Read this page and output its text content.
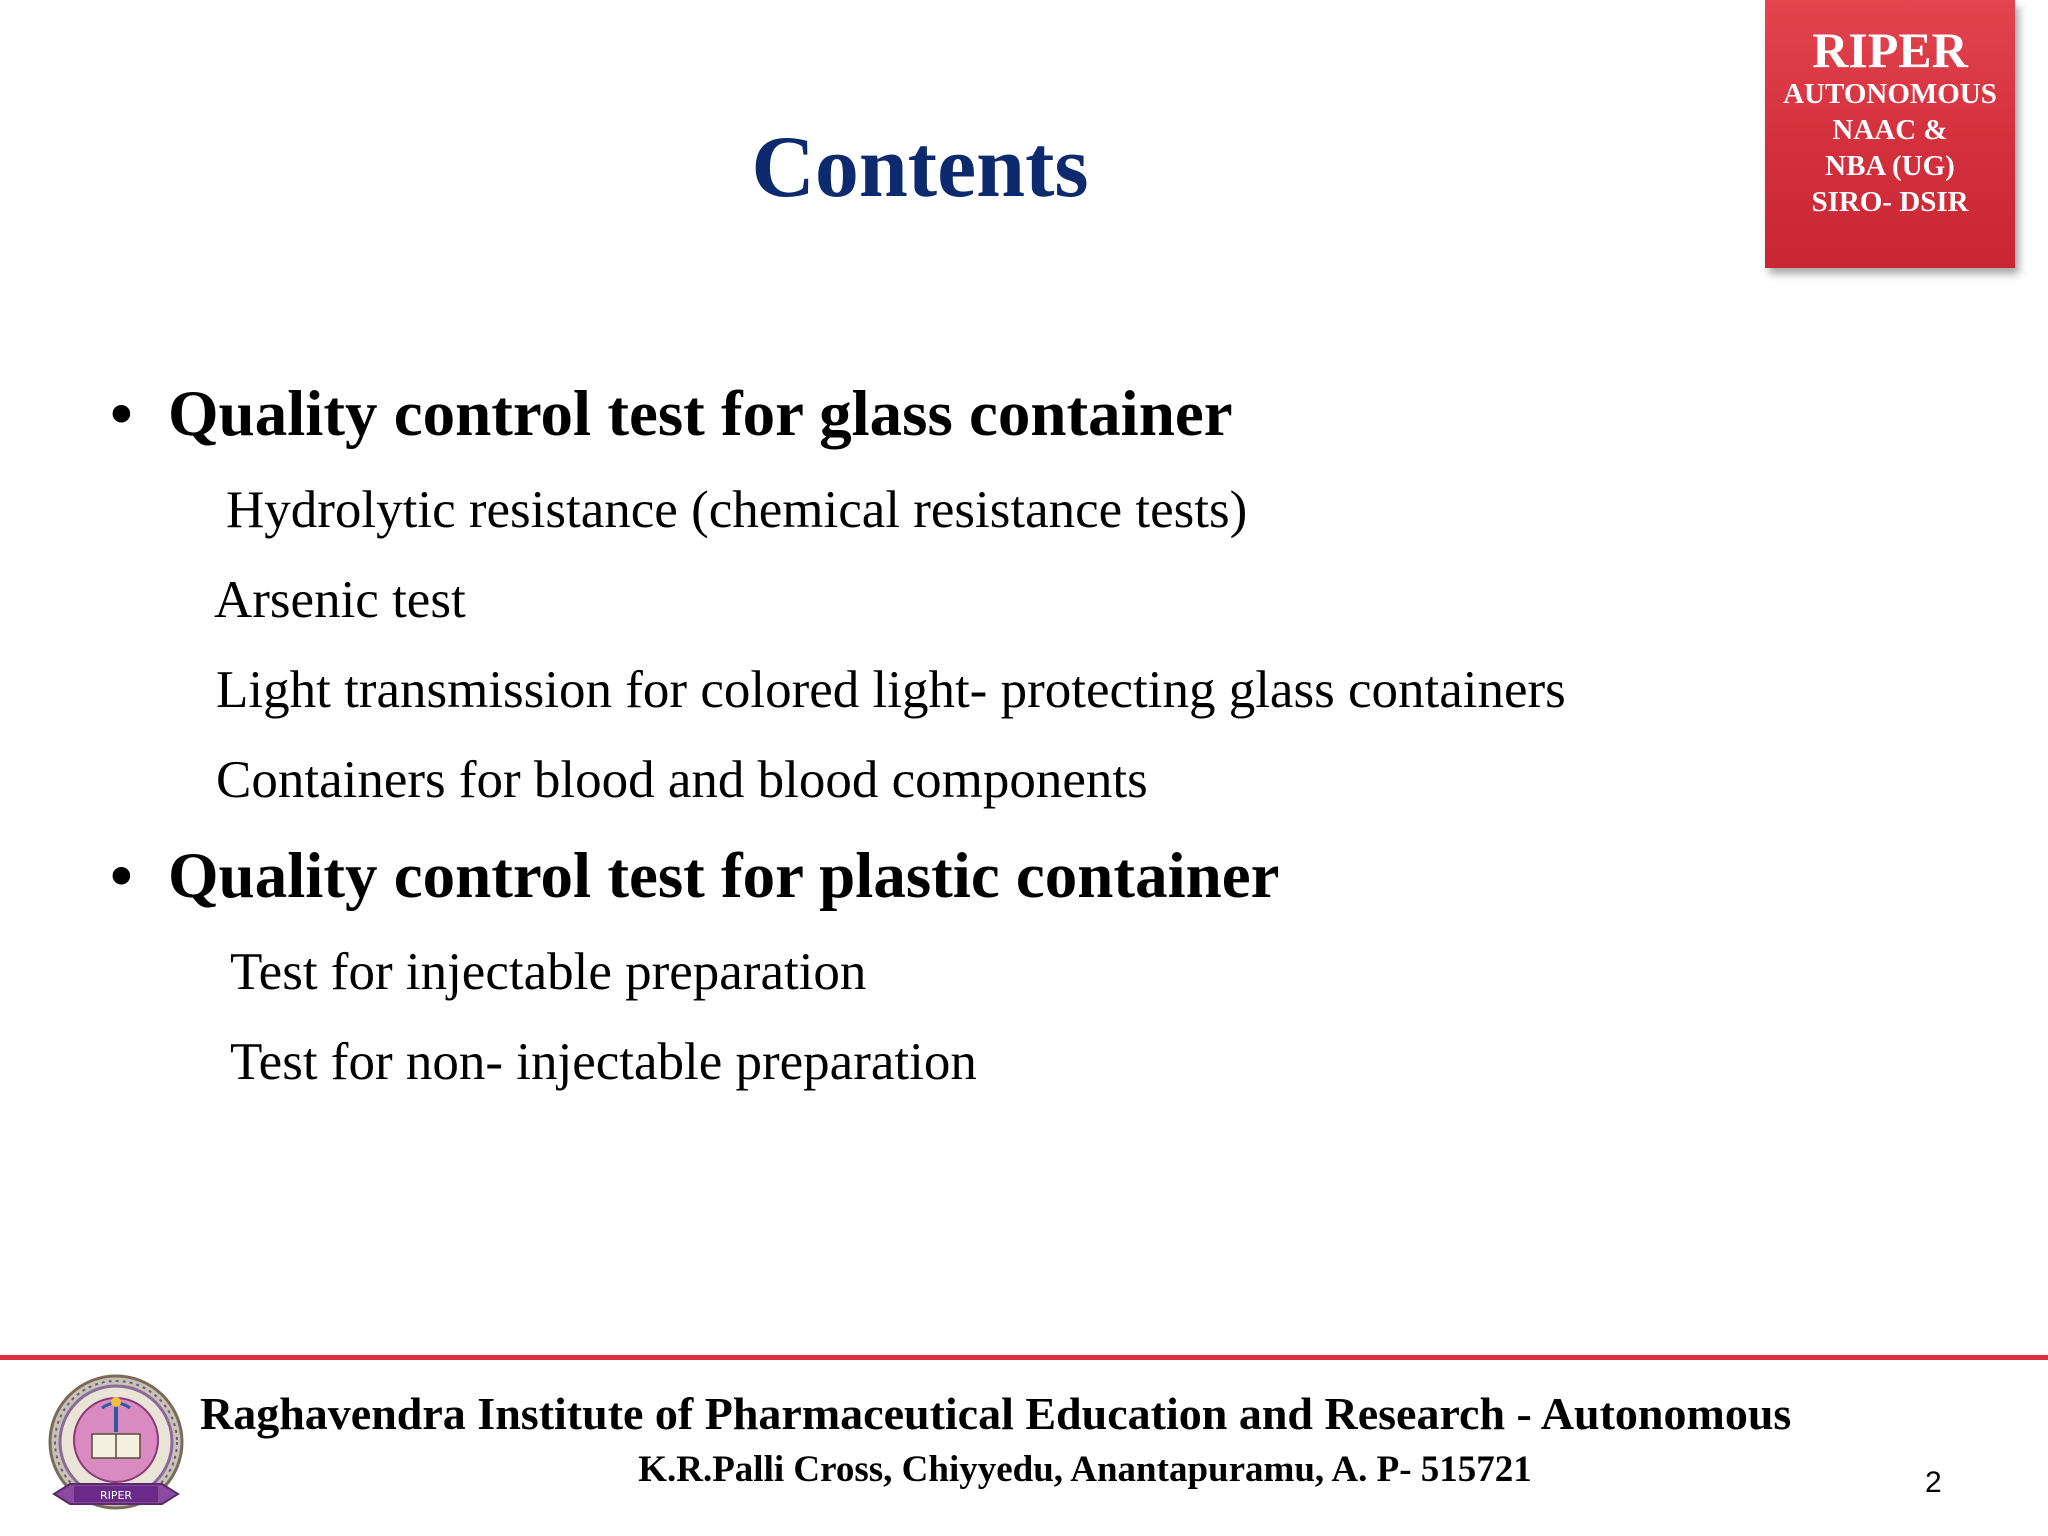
RIPER
AUTONOMOUS
NAAC &
NBA (UG)
SIRO- DSIR
Contents
• Quality control test for glass container
Hydrolytic resistance (chemical resistance tests)
Arsenic test
Light transmission for colored light- protecting glass containers
Containers for blood and blood components
• Quality control test for plastic container
Test for injectable preparation
Test for non- injectable preparation
RIPER
Raghavendra Institute of Pharmaceutical Education and Research - Autonomous
K.R.Palli Cross, Chiyyedu, Anantapuramu, A. P- 515721	2
